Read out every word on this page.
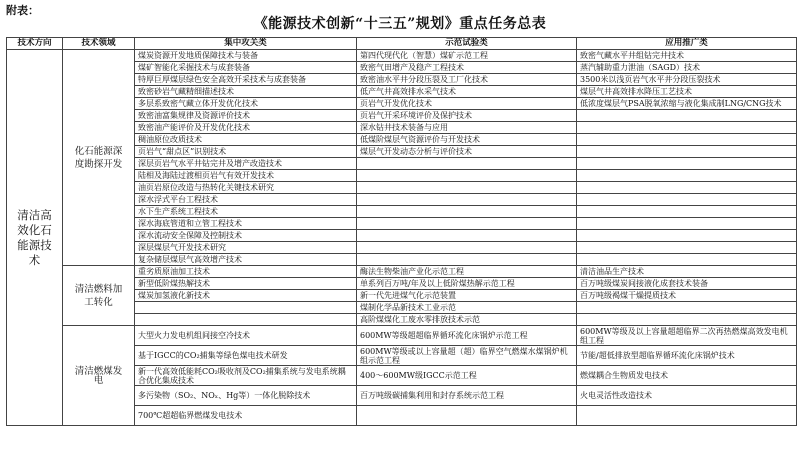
附表：
《能源技术创新“十三五”规划》重点任务总表
技术方向	技术领域	集中攻关类	示范试验类	应用推广类
清洁高效化石能源技术	化石能源深度勘探开发	煤炭资源开发地质保障技术与装备	第四代现代化（智慧）煤矿示范工程	致密气藏水平井组钻完井技术
		煤矿智能化采掘技术与成套装备	致密气田增产及稳产工程技术	蒸汽辅助重力泄油（SAGD）技术
		特厚巨厚煤层绿色安全高效开采技术与成套装备	致密油水平井分段压裂及工厂化技术	3500米以浅页岩气水平井分段压裂技术
		致密砂岩气藏精细描述技术	低产气井高效排水采气技术	煤层气井高效排水降压工艺技术
		多层系致密气藏立体开发优化技术	页岩气开发优化技术	低浓度煤层气PSA脱氧浓缩与液化集成制LNG/CNG技术
		致密油富集规律及资源评价技术	页岩气开采环境评价及保护技术	
		致密油产能评价及开发优化技术	深水钻井技术装备与应用	
		稠油原位改质技术	低煤阶煤层气资源评价与开发技术	
		页岩气“甜点区”识别技术	煤层气开发动态分析与评价技术	
		深层页岩气水平井钻完井及增产改造技术		
		陆相及海陆过渡相页岩气有效开发技术		
		油页岩原位改造与热转化关键技术研究		
		深水浮式平台工程技术		
		水下生产系统工程技术		
		深水海底管道和立管工程技术		
		深水流动安全保障及控制技术		
		深层煤层气开发技术研究		
		复杂储层煤层气高效增产技术		
	清洁燃料加工转化	重劣质原油加工技术	酶法生物柴油产业化示范工程	清洁油品生产技术
		新型低阶煤热解技术	单系列百万吨/年及以上低阶煤热解示范工程	百万吨级煤炭间接液化成套技术装备
		煤炭加氢液化新技术	新一代先进煤气化示范装置	百万吨级褐煤干燥提质技术
			煤制化学品新技术工业示范	
			高阶煤煤化工废水零排放技术示范	
	清洁燃煤发电	大型火力发电机组间接空冷技术	600MW等级超超临界循环流化床锅炉示范工程	600MW等级及以上容量超超临界二次再热燃煤高效发电机组工程
		基于IGCC的CO₂捕集等绿色煤电技术研发	600MW等级或以上容量超（超）临界空气燃煤水煤锅炉机组示范工程	节能/超低排放型超临界循环流化床锅炉技术
		新一代高效低能耗CO₂吸收剂及CO₂捕集系统与发电系统耦合优化集成技术	400～600MW级IGCC示范工程	燃煤耦合生物质发电技术
		多污染物（SO₂、NOₓ、Hg等）一体化脱除技术	百万吨级碳捕集利用和封存系统示范工程	火电灵活性改造技术
		700℃超超临界燃煤发电技术		
